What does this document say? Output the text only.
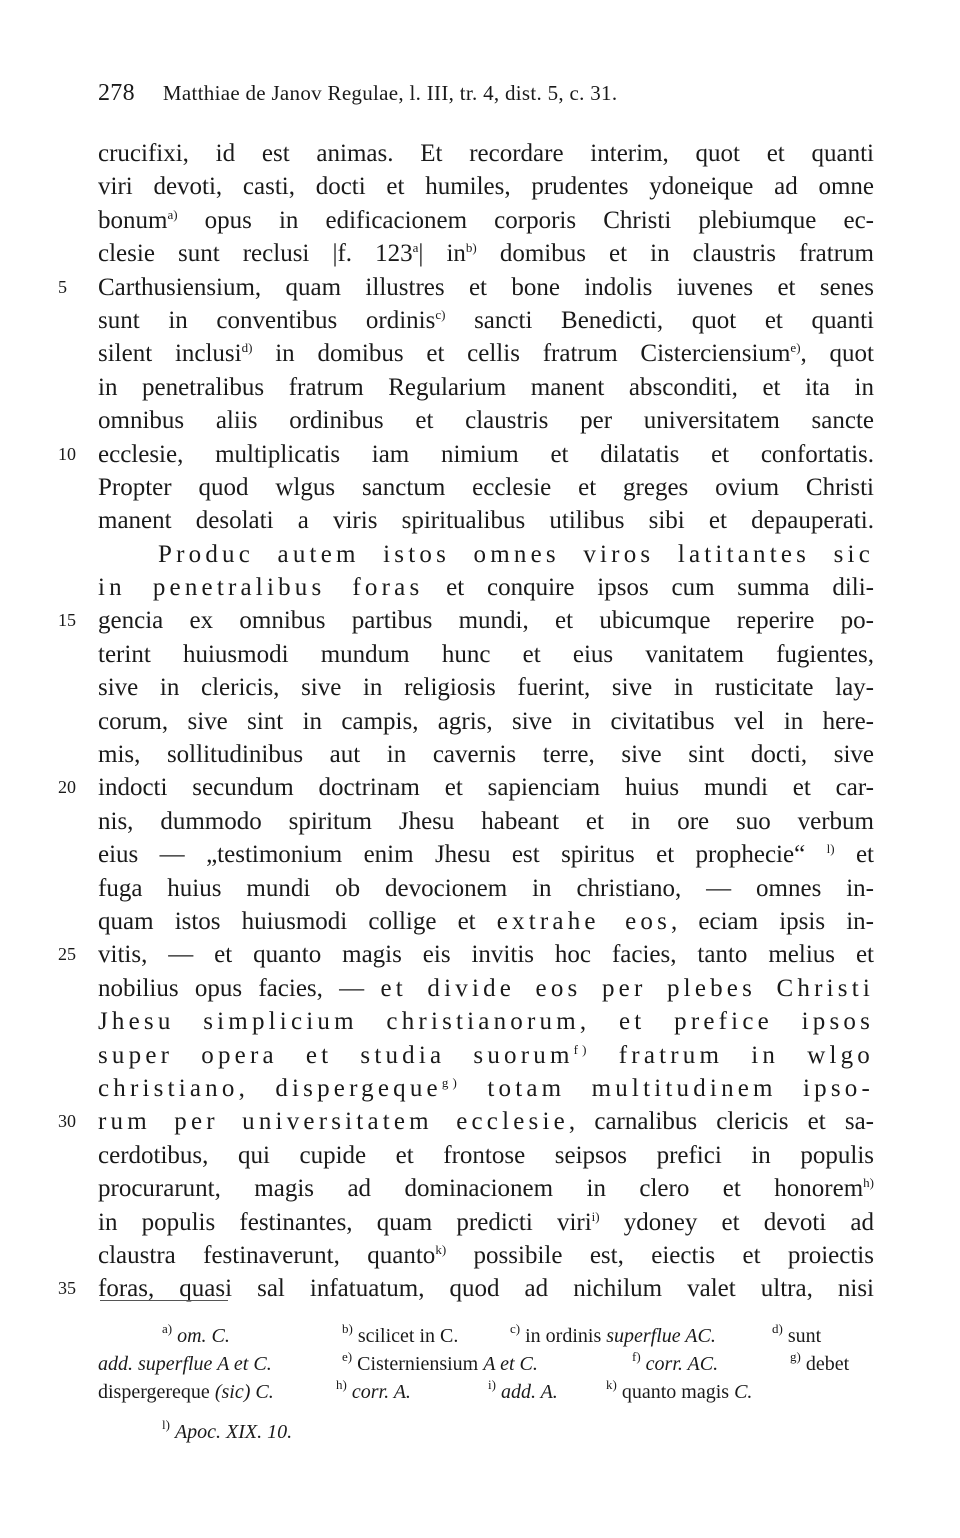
278 Matthiae de Janov Regulae, l. III, tr. 4, dist. 5, c. 31.
crucifixi, id est animas. Et recordare interim, quot et quanti
viri devoti, casti, docti et humiles, prudentes ydoneique ad omne
bonum$^{a)}$ opus in edificacionem corporis Christi plebiumque ec-
clesie sunt reclusi |f. 123$^a$| $in^{b)}$ domibus et in claustris fratrum
5	Carthusiensium, quam illustres et bone indolis iuvenes et senes
sunt in conventibus ordinis$^{c)}$ sancti Benedicti, quot et quanti
silent inclusi$^{d)}$ in domibus et cellis fratrum Cisterciensium$^{e)}$, quot
in penetralibus fratrum Regularium manent absconditi, et ita in
omnibus aliis ordinibus et claustris per universitatem sancte
10 ecclesie, multiplicatis iam nimium et dilatatis et confortatis.
Propter quod wlgus sanctum ecclesie et greges ovium Christi
manent desolati a viris spiritualibus utilibus sibi et depauperati.
Produc autem istos omnes viros latitantes sic
in penetralibus foras et conquire ipsos cum summa dili-
15 gencia ex omnibus partibus mundi, et ubicumque reperire po-
terint huiusmodi mundum hunc et eius vanitatem fugientes,
sive in clericis, sive in religiosis fuerint, sive in rusticitate lay-
corum, sive sint in campis, agris, sive in civitatibus vel in here-
mis, sollitudinibus aut in cavernis terre, sive sint docti, sive
20 indocti secundum doctrinam et sapienciam huius mundi et car-
nis, dummodo spiritum Jhesu habeant et in ore suo verbum
eius — „testimonium enim Jhesu est spiritus et prophecie“ $^{l)}$ et
fuga huius mundi ob devocionem in christiano, — omnes in-
quam istos huiusmodi collige et extrahe eos, eciam ipsis in-
25 vitis, — et quanto magis eis invitis hoc facies, tanto melius et
nobilius opus facies, — et divide eos per plebes Christi
Jhesu simplicium christianorum, et prefice ipsos
super opera et studia suorum$^{f)}$ fratrum in wlgo
christiano, dispergeque$^{g)}$ totam multitudinem ipso-
30 rum per universitatem ecclesie, carnalibus clericis et sa-
cerdotibus, qui cupide et frontose seipsos prefici in populis
procurarunt, magis ad dominacionem in clero et honorem$^{h)}$
in populis festinantes, quam predicti viri$^{i)}$ ydoney et devoti ad
claustra festinaverunt, quanto$^{k)}$ possibile est, eiectis et proiectis
35 foras, quasi sal infatuatum, quod ad nichilum valet ultra, nisi
$^{a)}$ om. C.	$^{b)}$ scilicet in C.	$^{c)}$ in ordinis superflue AC.	$^{d)}$ sunt
add. superflue A et C.	$^{e)}$ Cisterniensium A et C.	$^{f)}$ corr. AC.	$^{g)}$ debet
dispergereque (sic) C.	$^{h)}$ corr. A.	$^{i)}$ add. A.	$^{k)}$ quanto magis C.
$^{l)}$ Apoc. XIX. 10.
